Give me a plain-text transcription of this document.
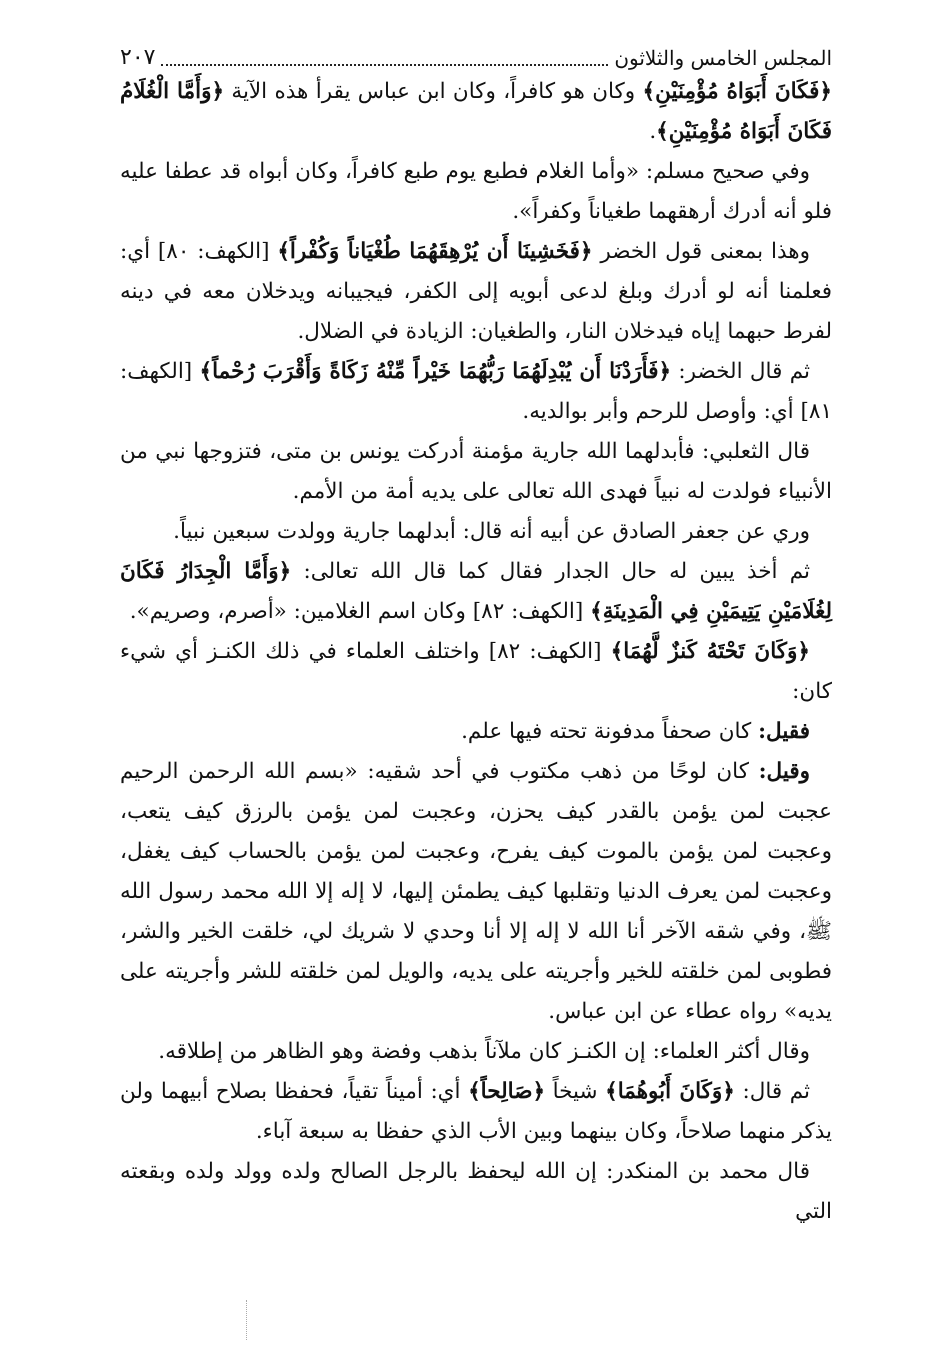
المجلس الخامس والثلاثون
٢٠٧

﴿فَكَانَ أَبَوَاهُ مُؤْمِنَيْنِ﴾ وكان هو كافراً، وكان ابن عباس يقرأ هذه الآية ﴿وَأَمَّا الْغُلَامُ فَكَانَ أَبَوَاهُ مُؤْمِنَيْنِ﴾.

وفي صحيح مسلم: «وأما الغلام فطبع يوم طبع كافراً، وكان أبواه قد عطفا عليه فلو أنه أدرك أرهقهما طغياناً وكفراً».

وهذا بمعنى قول الخضر ﴿فَخَشِينَا أَن يُرْهِقَهُمَا طُغْيَاناً وَكُفْراً﴾ [الكهف: ٨٠] أي: فعلمنا أنه لو أدرك وبلغ لدعى أبويه إلى الكفر، فيجيبانه ويدخلان معه في دينه لفرط حبهما إياه فيدخلان النار، والطغيان: الزيادة في الضلال.

ثم قال الخضر: ﴿فَأَرَدْنَا أَن يُبْدِلَهُمَا رَبُّهُمَا خَيْراً مِّنْهُ زَكَاةً وَأَقْرَبَ رُحْماً﴾ [الكهف: ٨١] أي: وأوصل للرحم وأبر بوالديه.

قال الثعلبي: فأبدلهما الله جارية مؤمنة أدركت يونس بن متى، فتزوجها نبي من الأنبياء فولدت له نبياً فهدى الله تعالى على يديه أمة من الأمم.

وري عن جعفر الصادق عن أبيه أنه قال: أبدلهما جارية وولدت سبعين نبياً.

ثم أخذ يبين له حال الجدار فقال كما قال الله تعالى: ﴿وَأَمَّا الْجِدَارُ فَكَانَ لِغُلَامَيْنِ يَتِيمَيْنِ فِي الْمَدِينَةِ﴾ [الكهف: ٨٢] وكان اسم الغلامين: «أصرم، وصريم».

﴿وَكَانَ تَحْتَهُ كَنزٌ لَّهُمَا﴾ [الكهف: ٨٢] واختلف العلماء في ذلك الكنـز أي شيء كان:

فقيل: كان صحفاً مدفونة تحته فيها علم.

وقيل: كان لوحًا من ذهب مكتوب في أحد شقيه: «بسم الله الرحمن الرحيم عجبت لمن يؤمن بالقدر كيف يحزن، وعجبت لمن يؤمن بالرزق كيف يتعب، وعجبت لمن يؤمن بالموت كيف يفرح، وعجبت لمن يؤمن بالحساب كيف يغفل، وعجبت لمن يعرف الدنيا وتقلبها كيف يطمئن إليها، لا إله إلا الله محمد رسول الله ﷺ، وفي شقه الآخر أنا الله لا إله إلا أنا وحدي لا شريك لي، خلقت الخير والشر، فطوبى لمن خلقته للخير وأجريته على يديه، والويل لمن خلقته للشر وأجريته على يديه» رواه عطاء عن ابن عباس.

وقال أكثر العلماء: إن الكنـز كان ملآناً بذهب وفضة وهو الظاهر من إطلاقه.

ثم قال: ﴿وَكَانَ أَبُوهُمَا﴾ شيخاً ﴿صَالِحاً﴾ أي: أميناً تقياً، فحفظا بصلاح أبيهما ولن يذكر منهما صلاحاً، وكان بينهما وبين الأب الذي حفظا به سبعة آباء.

قال محمد بن المنكدر: إن الله ليحفظ بالرجل الصالح ولده وولد ولده وبقعته التي
